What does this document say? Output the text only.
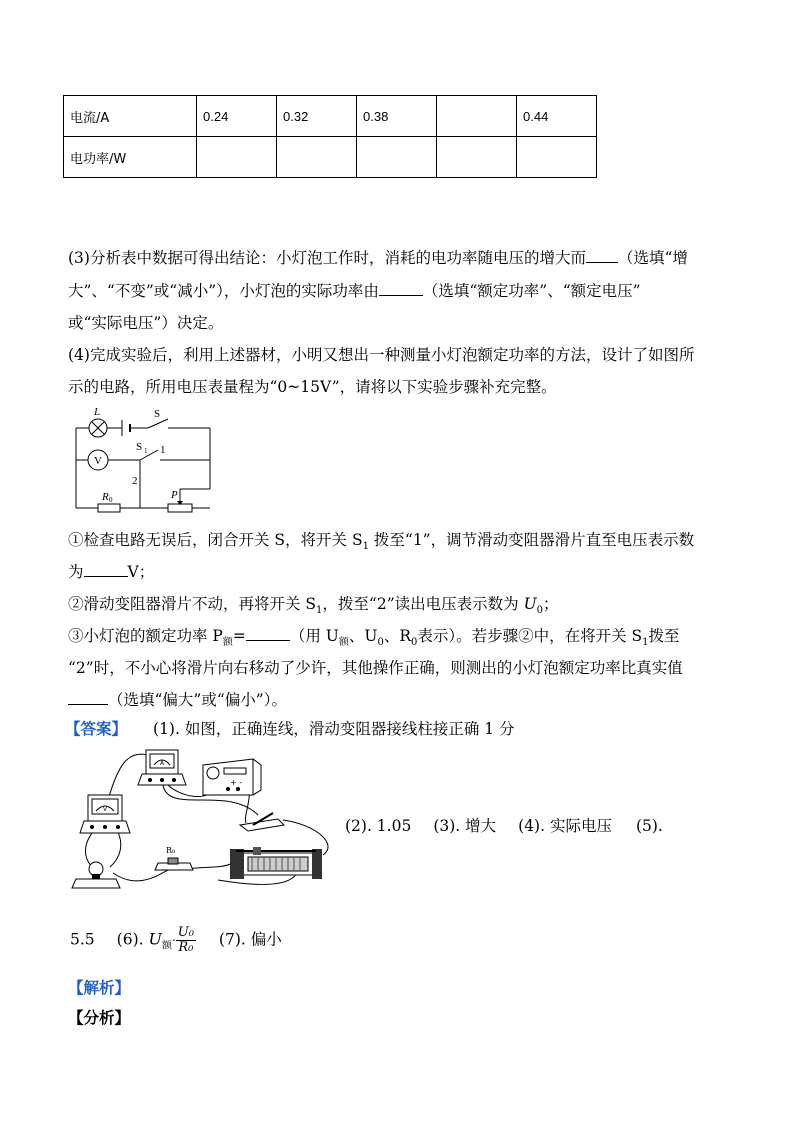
电流/A	0.24	0.32	0.38		0.44
电功率/W					
(3)分析表中数据可得出结论：小灯泡工作时，消耗的电功率随电压的增大而 （选填“增
大”、“不变”或“减小”），小灯泡的实际功率由	（选填“额定功率”、“额定电压”
或“实际电压”）决定。
(4)完成实验后，利用上述器材，小明又想出一种测量小灯泡额定功率的方法，设计了如图所
示的电路，所用电压表量程为“0~15V”，请将以下实验步骤补充完整。
V
L	S
S 1 1
2
R 0	P
①检查电路无误后，闭合开关 S，将开关 $S_1$ 拨至“1”，调节滑动变阻器滑片直至电压表示数
为	V；
②滑动变阻器滑片不动，再将开关 $S_1$，拨至“2”读出电压表示数为 $U_0$；
③小灯泡的额定功率 $P_额=$	（用 $U_额$、$U_0$、$R_0$表示）。若步骤②中，在将开关 $S_1$拨至
“2”时，不小心将滑片向右移动了少许，其他操作正确，则测出的小灯泡额定功率比真实值
（选填“偏大”或“偏小”）。
【答案】 (1). 如图，正确连线，滑动变阻器接线柱接正确 1 分
A
+ -
V
R₀
(2). 1.05 (3). 增大 (4). 实际电压 (5).
5.5 (6). $U_额\cdot \frac{\text{U₀}}{\text{R₀}} (7)$. 偏小
【解析】
【分析】
